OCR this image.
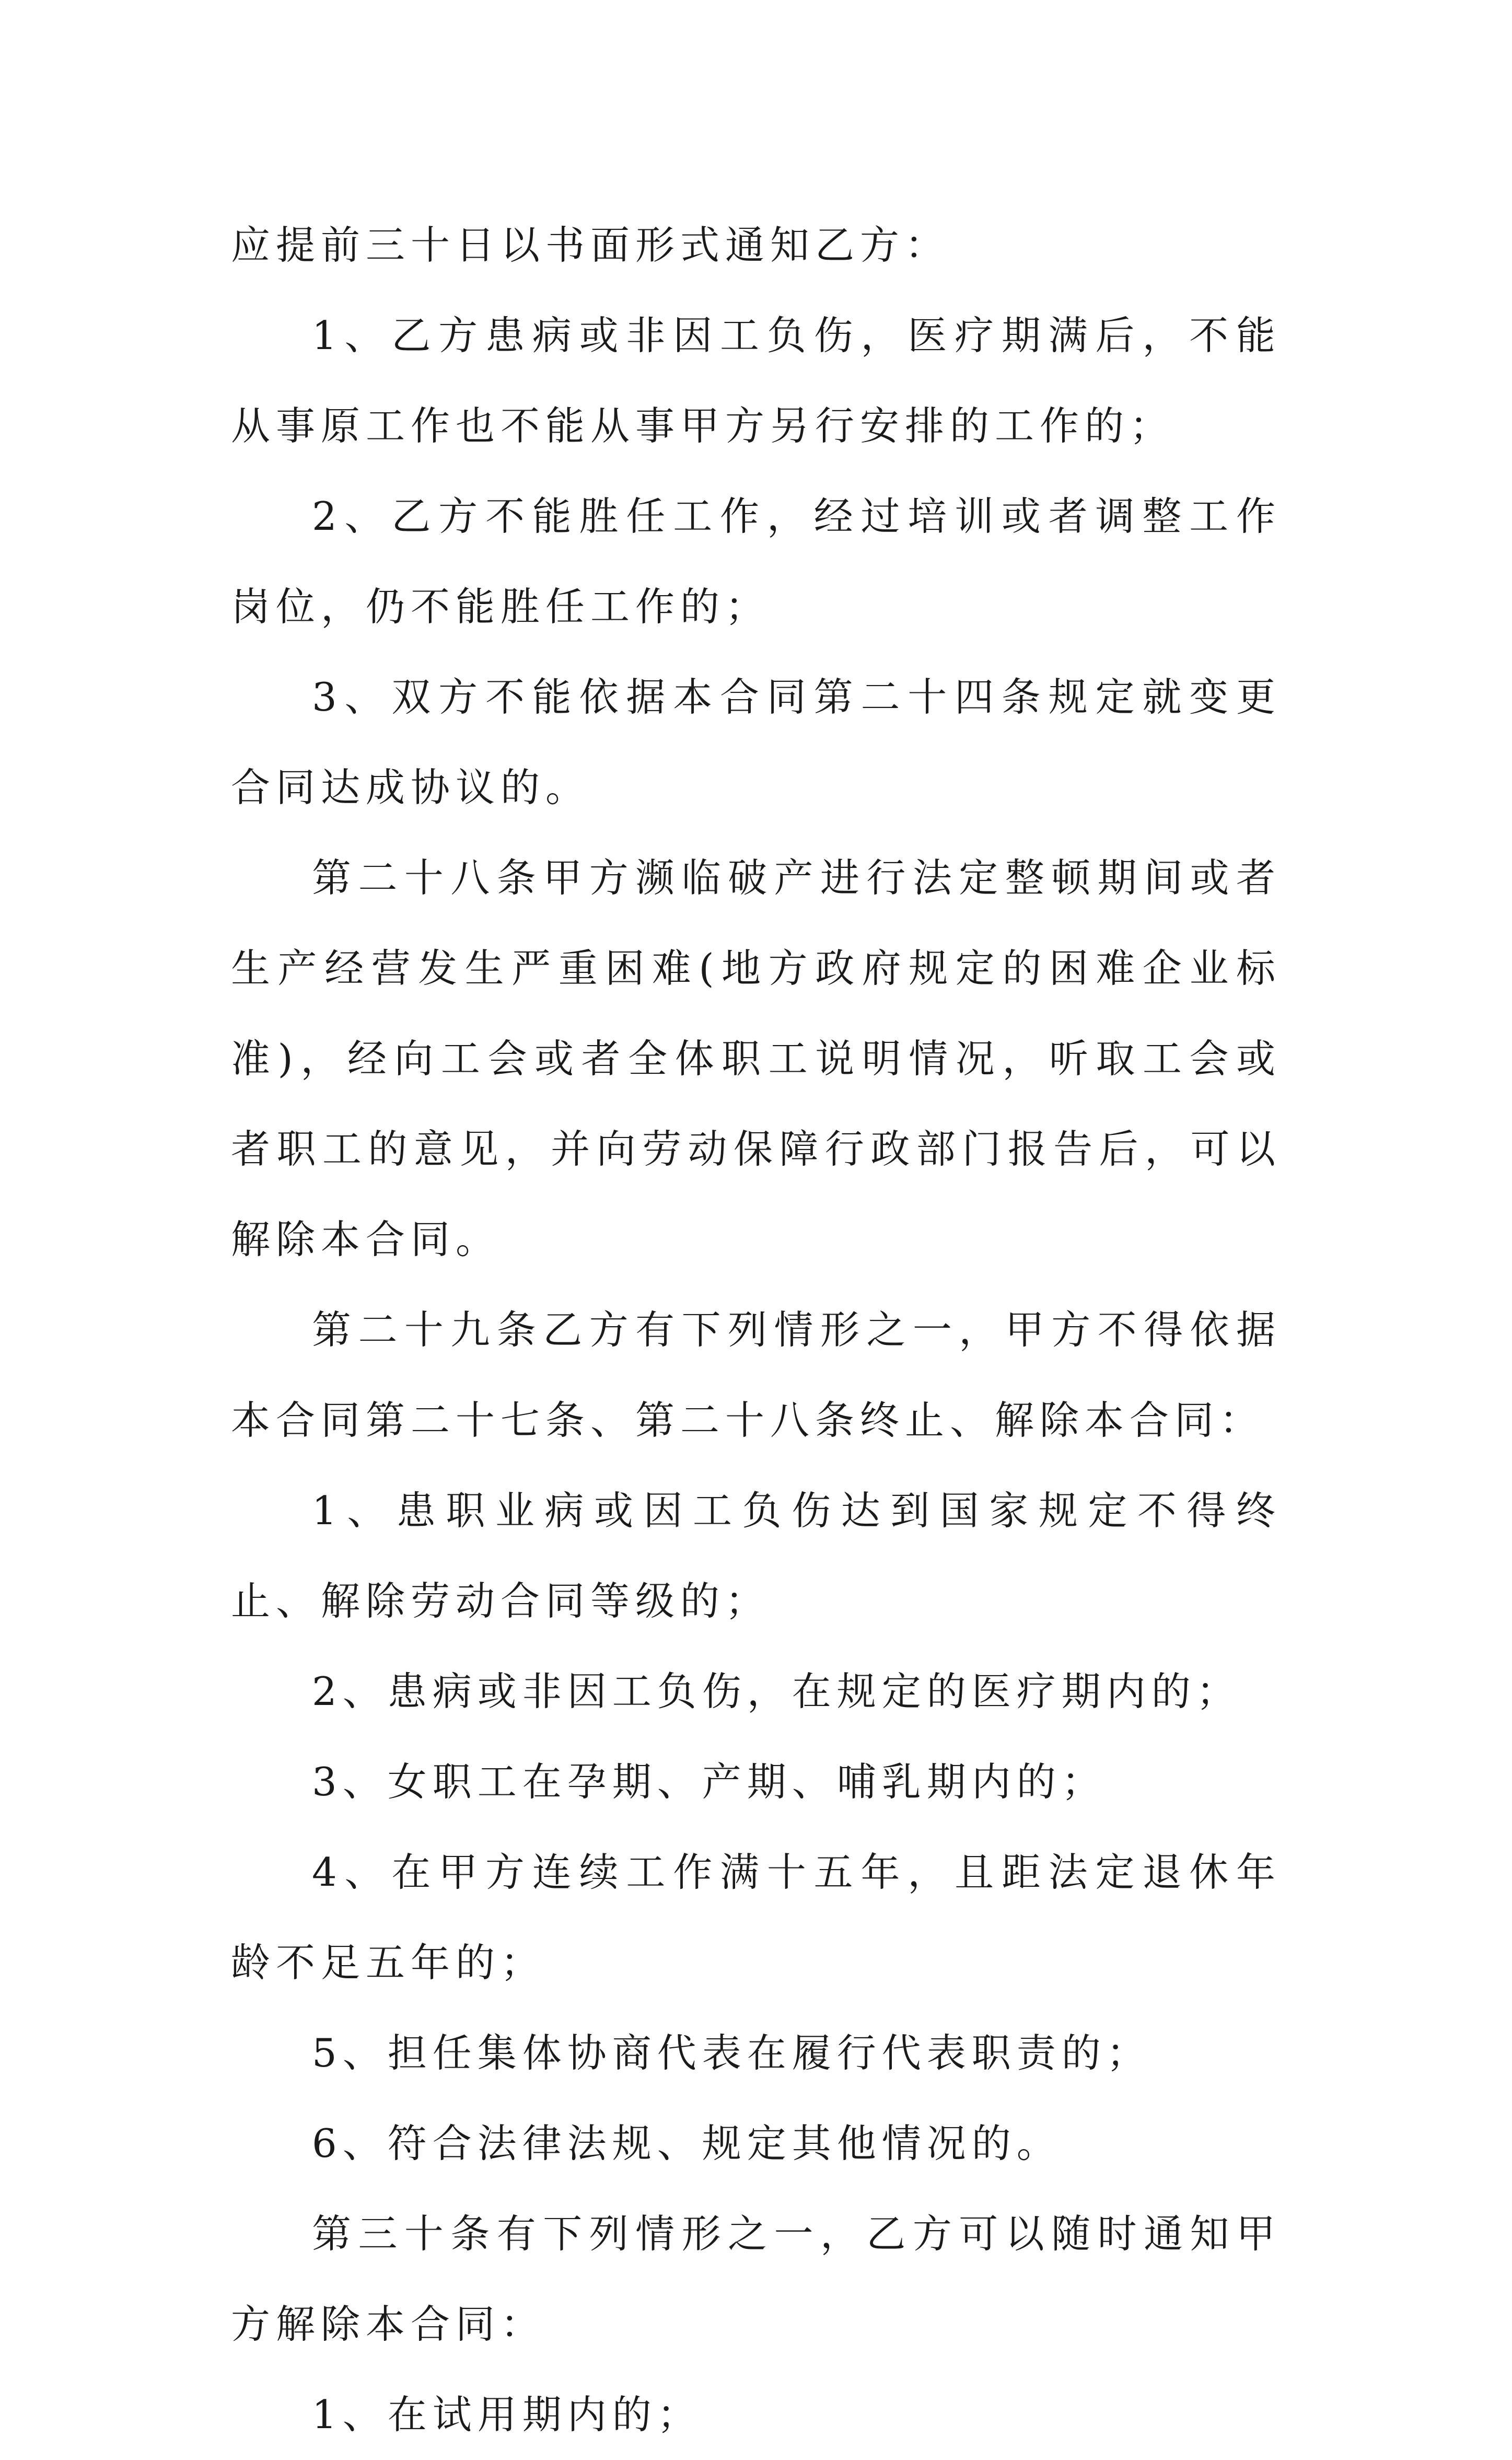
应提前三十日以书面形式通知乙方：

1、乙方患病或非因工负伤，医疗期满后，不能从事原工作也不能从事甲方另行安排的工作的；

2、乙方不能胜任工作，经过培训或者调整工作岗位，仍不能胜任工作的；

3、双方不能依据本合同第二十四条规定就变更合同达成协议的。

第二十八条甲方濒临破产进行法定整顿期间或者生产经营发生严重困难(地方政府规定的困难企业标准)，经向工会或者全体职工说明情况，听取工会或者职工的意见，并向劳动保障行政部门报告后，可以解除本合同。

第二十九条乙方有下列情形之一，甲方不得依据本合同第二十七条、第二十八条终止、解除本合同：

1、患职业病或因工负伤达到国家规定不得终止、解除劳动合同等级的；

2、患病或非因工负伤，在规定的医疗期内的；

3、女职工在孕期、产期、哺乳期内的；

4、在甲方连续工作满十五年，且距法定退休年龄不足五年的；

5、担任集体协商代表在履行代表职责的；

6、符合法律法规、规定其他情况的。

第三十条有下列情形之一，乙方可以随时通知甲方解除本合同：

1、在试用期内的；
